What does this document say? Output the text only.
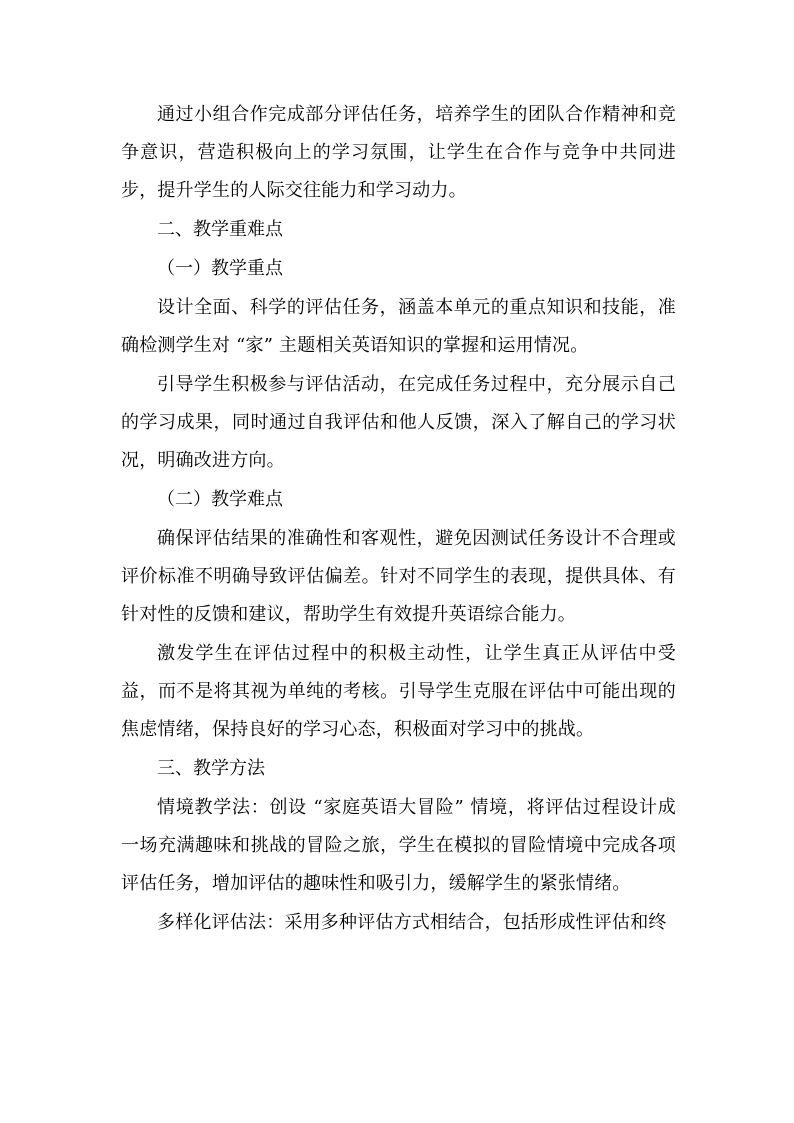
通过小组合作完成部分评估任务，培养学生的团队合作精神和竞争意识，营造积极向上的学习氛围，让学生在合作与竞争中共同进步，提升学生的人际交往能力和学习动力。

二、教学重难点

（一）教学重点

设计全面、科学的评估任务，涵盖本单元的重点知识和技能，准确检测学生对 “家” 主题相关英语知识的掌握和运用情况。

引导学生积极参与评估活动，在完成任务过程中，充分展示自己的学习成果，同时通过自我评估和他人反馈，深入了解自己的学习状况，明确改进方向。

（二）教学难点

确保评估结果的准确性和客观性，避免因测试任务设计不合理或评价标准不明确导致评估偏差。针对不同学生的表现，提供具体、有针对性的反馈和建议，帮助学生有效提升英语综合能力。

激发学生在评估过程中的积极主动性，让学生真正从评估中受益，而不是将其视为单纯的考核。引导学生克服在评估中可能出现的焦虑情绪，保持良好的学习心态，积极面对学习中的挑战。

三、教学方法

情境教学法：创设 “家庭英语大冒险” 情境，将评估过程设计成一场充满趣味和挑战的冒险之旅，学生在模拟的冒险情境中完成各项评估任务，增加评估的趣味性和吸引力，缓解学生的紧张情绪。

多样化评估法：采用多种评估方式相结合，包括形成性评估和终
